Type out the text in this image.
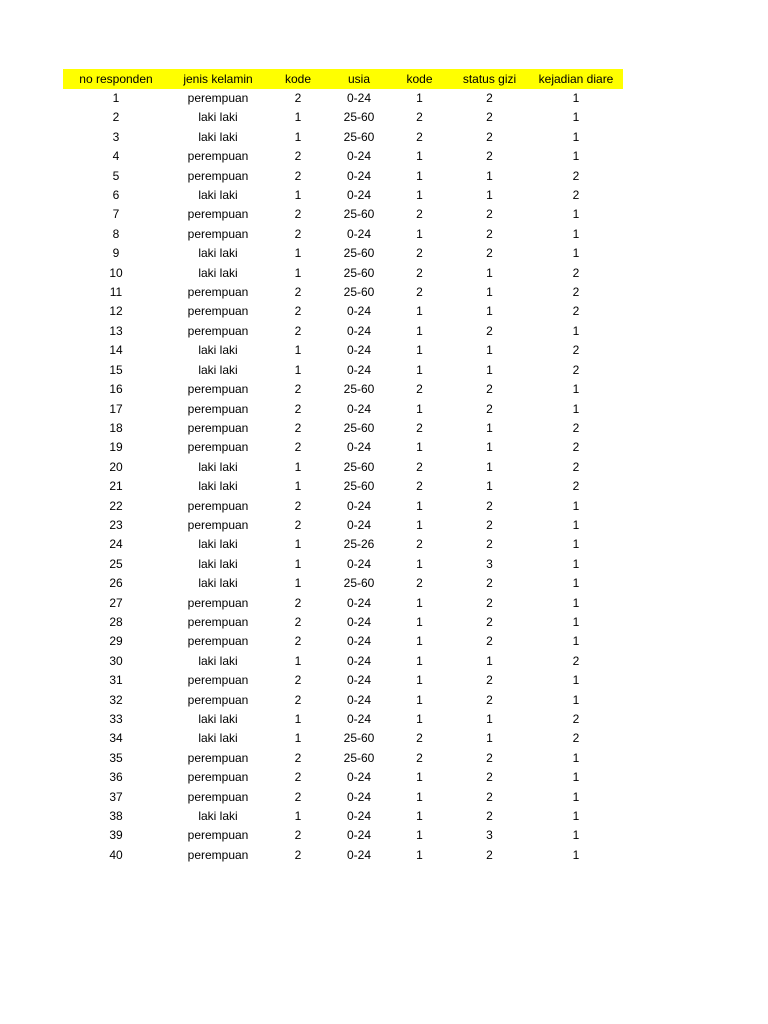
no responden	jenis kelamin	kode	usia	kode	status gizi	kejadian diare
1	perempuan	2	0-24	1	2	1
2	laki laki	1	25-60	2	2	1
3	laki laki	1	25-60	2	2	1
4	perempuan	2	0-24	1	2	1
5	perempuan	2	0-24	1	1	2
6	laki laki	1	0-24	1	1	2
7	perempuan	2	25-60	2	2	1
8	perempuan	2	0-24	1	2	1
9	laki laki	1	25-60	2	2	1
10	laki laki	1	25-60	2	1	2
11	perempuan	2	25-60	2	1	2
12	perempuan	2	0-24	1	1	2
13	perempuan	2	0-24	1	2	1
14	laki laki	1	0-24	1	1	2
15	laki laki	1	0-24	1	1	2
16	perempuan	2	25-60	2	2	1
17	perempuan	2	0-24	1	2	1
18	perempuan	2	25-60	2	1	2
19	perempuan	2	0-24	1	1	2
20	laki laki	1	25-60	2	1	2
21	laki laki	1	25-60	2	1	2
22	perempuan	2	0-24	1	2	1
23	perempuan	2	0-24	1	2	1
24	laki laki	1	25-26	2	2	1
25	laki laki	1	0-24	1	3	1
26	laki laki	1	25-60	2	2	1
27	perempuan	2	0-24	1	2	1
28	perempuan	2	0-24	1	2	1
29	perempuan	2	0-24	1	2	1
30	laki laki	1	0-24	1	1	2
31	perempuan	2	0-24	1	2	1
32	perempuan	2	0-24	1	2	1
33	laki laki	1	0-24	1	1	2
34	laki laki	1	25-60	2	1	2
35	perempuan	2	25-60	2	2	1
36	perempuan	2	0-24	1	2	1
37	perempuan	2	0-24	1	2	1
38	laki laki	1	0-24	1	2	1
39	perempuan	2	0-24	1	3	1
40	perempuan	2	0-24	1	2	1
